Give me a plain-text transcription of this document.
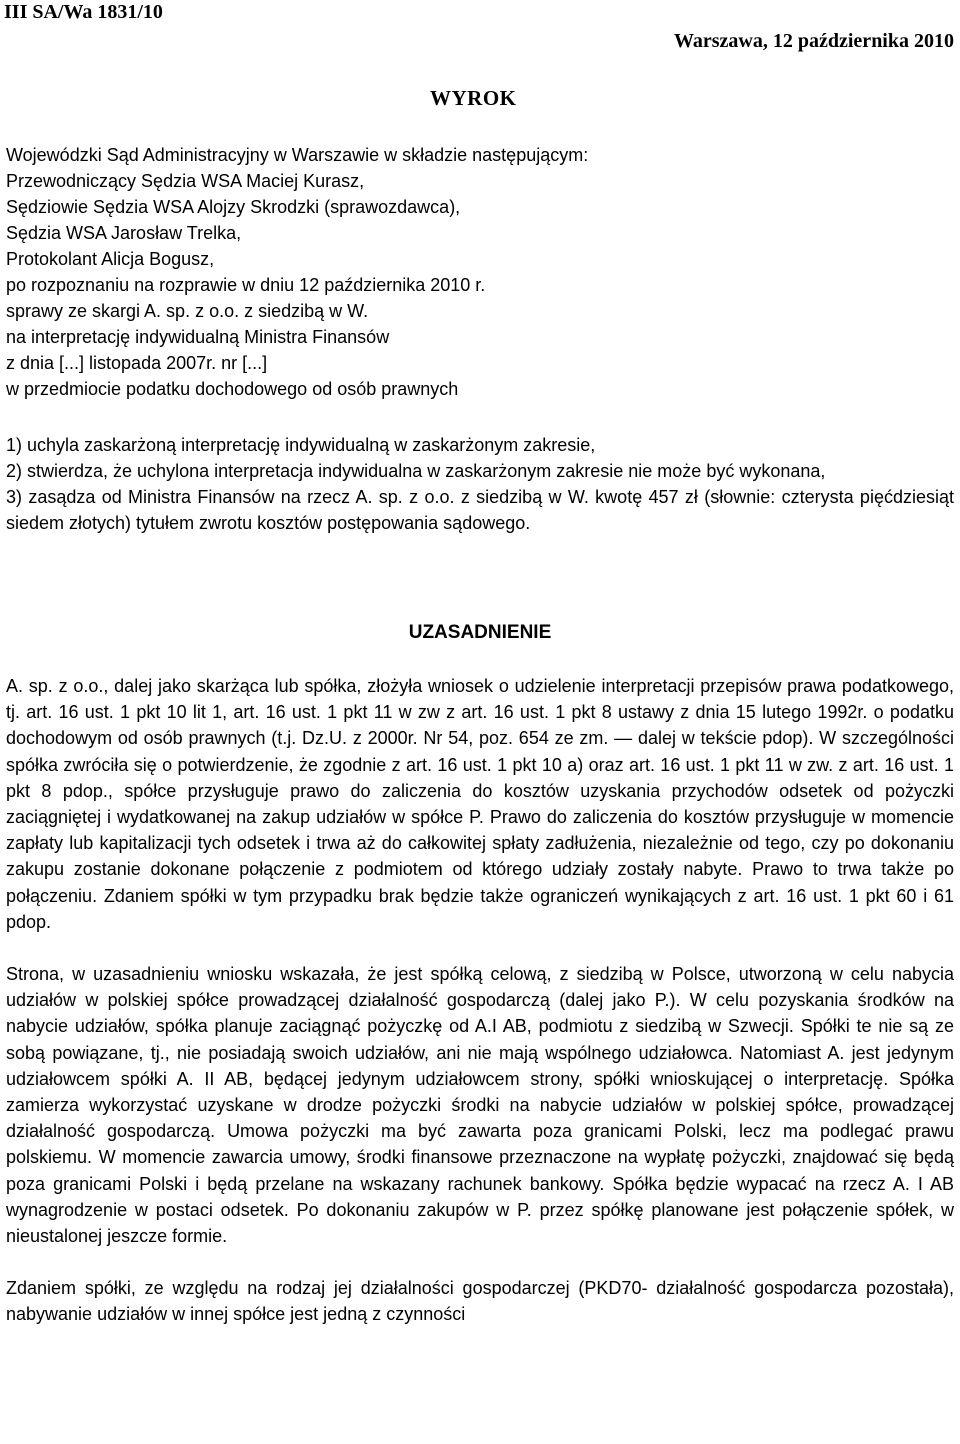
III SA/Wa 1831/10
Warszawa, 12 października 2010
WYROK
Wojewódzki Sąd Administracyjny w Warszawie w składzie następującym:
Przewodniczący Sędzia WSA Maciej Kurasz,
Sędziowie Sędzia WSA Alojzy Skrodzki (sprawozdawca),
Sędzia WSA Jarosław Trelka,
Protokolant Alicja Bogusz,
po rozpoznaniu na rozprawie w dniu 12 października 2010 r.
sprawy ze skargi A. sp. z o.o. z siedzibą w W.
na interpretację indywidualną Ministra Finansów
z dnia [...] listopada 2007r. nr [...]
w przedmiocie podatku dochodowego od osób prawnych

1) uchyla zaskarżoną interpretację indywidualną w zaskarżonym zakresie,

2) stwierdza, że uchylona interpretacja indywidualna w zaskarżonym zakresie nie może być wykonana,

3) zasądza od Ministra Finansów na rzecz A. sp. z o.o. z siedzibą w W. kwotę 457 zł (słownie: czterysta pięćdziesiąt siedem złotych) tytułem zwrotu kosztów postępowania sądowego.

UZASADNIENIE

A. sp. z o.o., dalej jako skarżąca lub spółka, złożyła wniosek o udzielenie interpretacji przepisów prawa podatkowego, tj. art. 16 ust. 1 pkt 10 lit 1, art. 16 ust. 1 pkt 11 w zw z art. 16 ust. 1 pkt 8 ustawy z dnia 15 lutego 1992r. o podatku dochodowym od osób prawnych (t.j. Dz.U. z 2000r. Nr 54, poz. 654 ze zm. — dalej w tekście pdop). W szczególności spółka zwróciła się o potwierdzenie, że zgodnie z art. 16 ust. 1 pkt 10 a) oraz art. 16 ust. 1 pkt 11 w zw. z art. 16 ust. 1 pkt 8 pdop., spółce przysługuje prawo do zaliczenia do kosztów uzyskania przychodów odsetek od pożyczki zaciągniętej i wydatkowanej na zakup udziałów w spółce P. Prawo do zaliczenia do kosztów przysługuje w momencie zapłaty lub kapitalizacji tych odsetek i trwa aż do całkowitej spłaty zadłużenia, niezależnie od tego, czy po dokonaniu zakupu zostanie dokonane połączenie z podmiotem od którego udziały zostały nabyte. Prawo to trwa także po połączeniu. Zdaniem spółki w tym przypadku brak będzie także ograniczeń wynikających z art. 16 ust. 1 pkt 60 i 61 pdop.

Strona, w uzasadnieniu wniosku wskazała, że jest spółką celową, z siedzibą w Polsce, utworzoną w celu nabycia udziałów w polskiej spółce prowadzącej działalność gospodarczą (dalej jako P.). W celu pozyskania środków na nabycie udziałów, spółka planuje zaciągnąć pożyczkę od A.I AB, podmiotu z siedzibą w Szwecji. Spółki te nie są ze sobą powiązane, tj., nie posiadają swoich udziałów, ani nie mają wspólnego udziałowca. Natomiast A. jest jedynym udziałowcem spółki A. II AB, będącej jedynym udziałowcem strony, spółki wnioskującej o interpretację. Spółka zamierza wykorzystać uzyskane w drodze pożyczki środki na nabycie udziałów w polskiej spółce, prowadzącej działalność gospodarczą. Umowa pożyczki ma być zawarta poza granicami Polski, lecz ma podlegać prawu polskiemu. W momencie zawarcia umowy, środki finansowe przeznaczone na wypłatę pożyczki, znajdować się będą poza granicami Polski i będą przelane na wskazany rachunek bankowy. Spółka będzie wypacać na rzecz A. I AB wynagrodzenie w postaci odsetek. Po dokonaniu zakupów w P. przez spółkę planowane jest połączenie spółek, w nieustalonej jeszcze formie.

Zdaniem spółki, ze względu na rodzaj jej działalności gospodarczej (PKD70- działalność gospodarcza pozostała), nabywanie udziałów w innej spółce jest jedną z czynności
